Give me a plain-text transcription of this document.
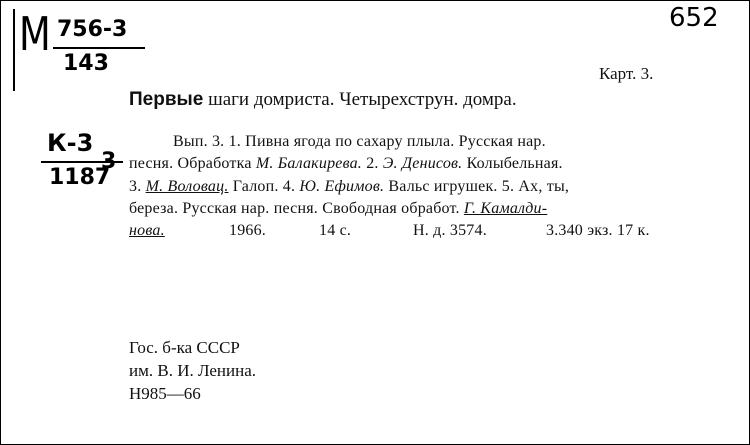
М 756-3
143
К-3
1187
3
652
Карт. 3.
Первые шаги домриста. Четырехструн. домра.
Вып. 3. 1. Пивна ягода по сахару плыла. Русская нар.
песня. Обработка М. Балакирева. 2. Э. Денисов. Колыбельная.
3. М. Воловац. Галоп. 4. Ю. Ефимов. Вальс игрушек. 5. Ах, ты,
береза. Русская нар. песня. Свободная обработ. Г. Камалди-
нова.	1966.	14 с.	Н. д. 3574.	3.340 экз. 17 к.
Гос. б-ка СССР
им. В. И. Ленина.
Н985—66
